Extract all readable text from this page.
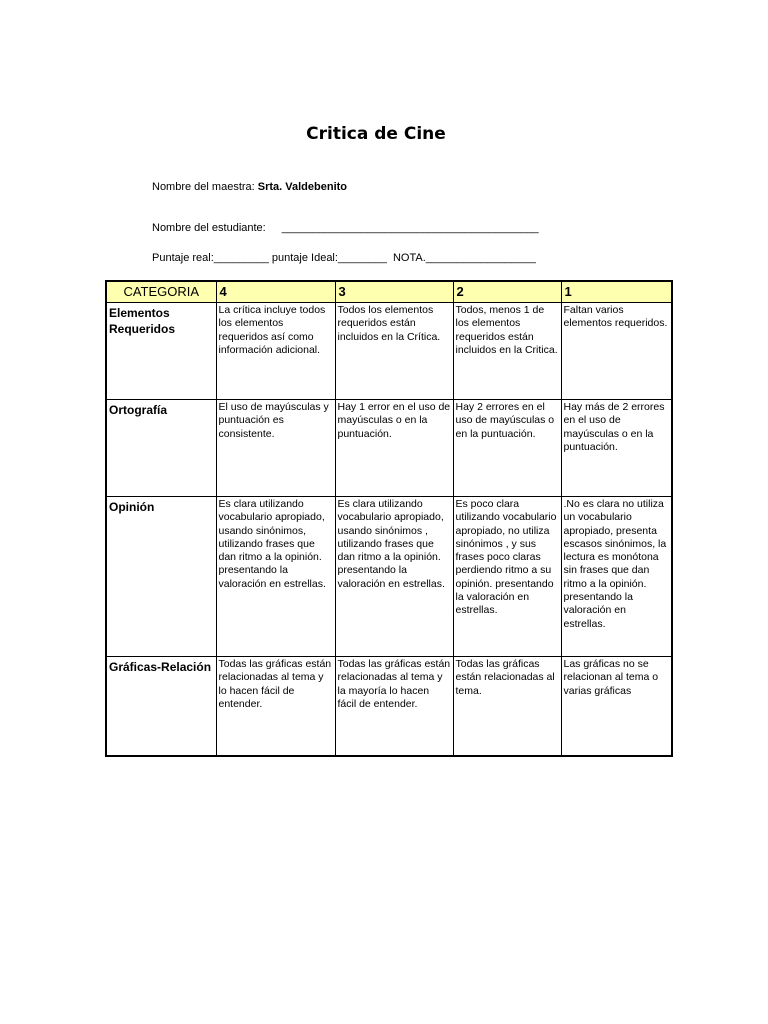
Critica de Cine
Nombre del maestra: Srta. Valdebenito
Nombre del estudiante: __________________________________________
Puntaje real:_________ puntaje Ideal:________  NOTA.__________________
CATEGORIA	4	3	2	1
Elementos Requeridos	La crítica incluye todos los elementos requeridos así como información adicional.	Todos los elementos requeridos están incluidos en la Crítica.	Todos, menos 1 de los elementos requeridos están incluidos en la Critica.	Faltan varios elementos requeridos.
Ortografía	El uso de mayúsculas y puntuación es consistente.	Hay 1 error en el uso de mayúsculas o en la puntuación.	Hay 2 errores en el uso de mayúsculas o en la puntuación.	Hay más de 2 errores en el uso de mayúsculas o en la puntuación.
Opinión	Es clara utilizando vocabulario apropiado, usando sinónimos, utilizando frases que dan ritmo a la opinión. presentando la valoración en estrellas.	Es clara utilizando vocabulario apropiado, usando sinónimos , utilizando frases que dan ritmo a la opinión. presentando la valoración en estrellas.	Es poco clara utilizando vocabulario apropiado, no utiliza sinónimos , y sus frases poco claras perdiendo ritmo a su opinión. presentando la valoración en estrellas.	.No es clara no utiliza un vocabulario apropiado, presenta escasos sinónimos, la lectura es monótona sin frases que dan ritmo a la opinión. presentando la valoración en estrellas.
Gráficas-Relación	Todas las gráficas están relacionadas al tema y lo hacen fácil de entender.	Todas las gráficas están relacionadas al tema y la mayoría lo hacen fácil de entender.	Todas las gráficas están relacionadas al tema.	Las gráficas no se relacionan al tema o varias gráficas
